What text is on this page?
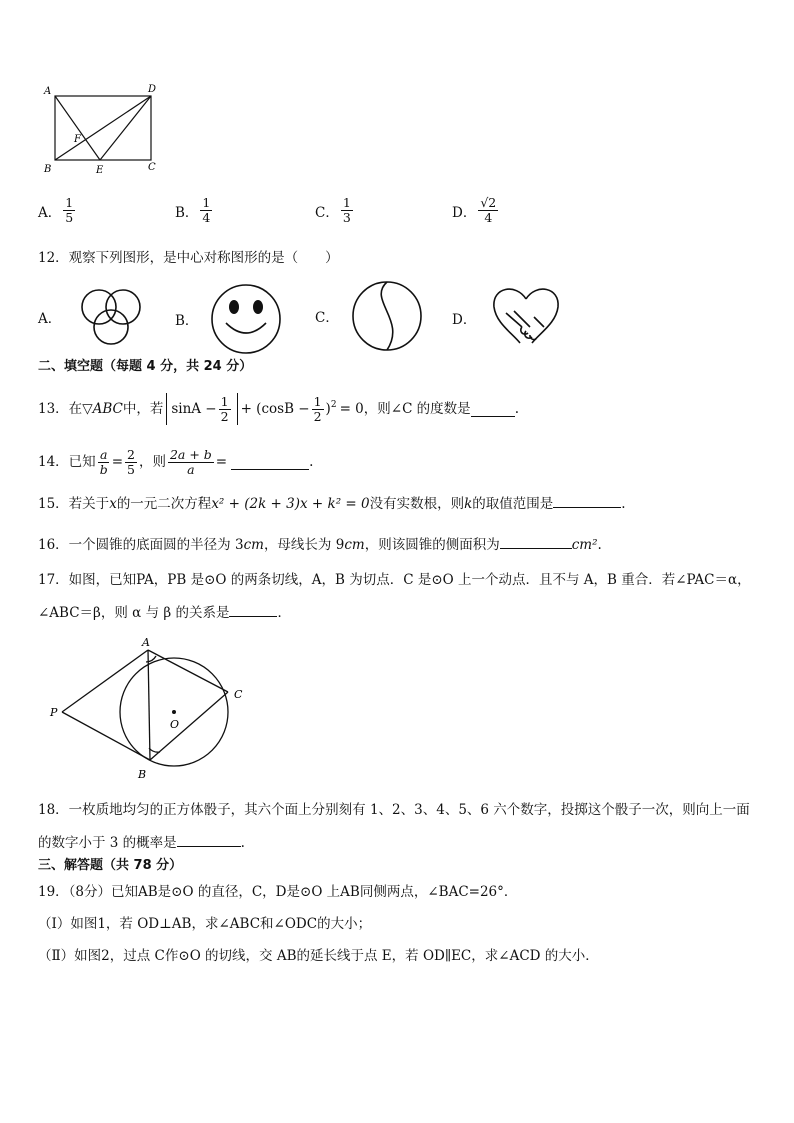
A	D
B	E	C
F
A． $\frac{1}{5}$	B． $\frac{1}{4}$	C． $\frac{1}{3}$	D． $\frac{√2}{4}$
12．观察下列图形，是中心对称图形的是（　　）
A．	B．	C．	D．
二、填空题（每题 4 分，共 24 分）
13．在 ▽ABC 中，若 $\sin A - \frac{1}{2} + (\cos B - \frac{1}{2} )^2 = 0$，则∠C 的度数是	.
14．已知 $\frac{a}{b} = \frac{2}{5}$ ，则 $\frac{2a + b}{a}$ =	.
15．若关于x的一元二次方程x² + (2k + 3)x + k² = 0没有实数根，则k的取值范围是	.
16．一个圆锥的底面圆的半径为 3cm，母线长为 9cm，则该圆锥的侧面积为	cm².
17．如图，已知PA，PB 是⊙O 的两条切线，A，B 为切点．C 是⊙O 上一个动点．且不与 A，B 重合．若∠PAC＝α，
∠ABC＝β，则 α 与 β 的关系是	．
A
B
C
P
O
18．一枚质地均匀的正方体骰子，其六个面上分别刻有 1、2、3、4、5、6 六个数字，投掷这个骰子一次，则向上一面
的数字小于 3 的概率是	.
三、解答题（共 78 分）
19．（8分）已知AB是⊙O 的直径，C，D是⊙O 上AB同侧两点，∠BAC=26°．
（Ⅰ）如图1，若 OD⊥AB，求∠ABC和∠ODC的大小；
（Ⅱ）如图2，过点 C作⊙O 的切线，交 AB的延长线于点 E，若 OD∥EC，求∠ACD 的大小．
